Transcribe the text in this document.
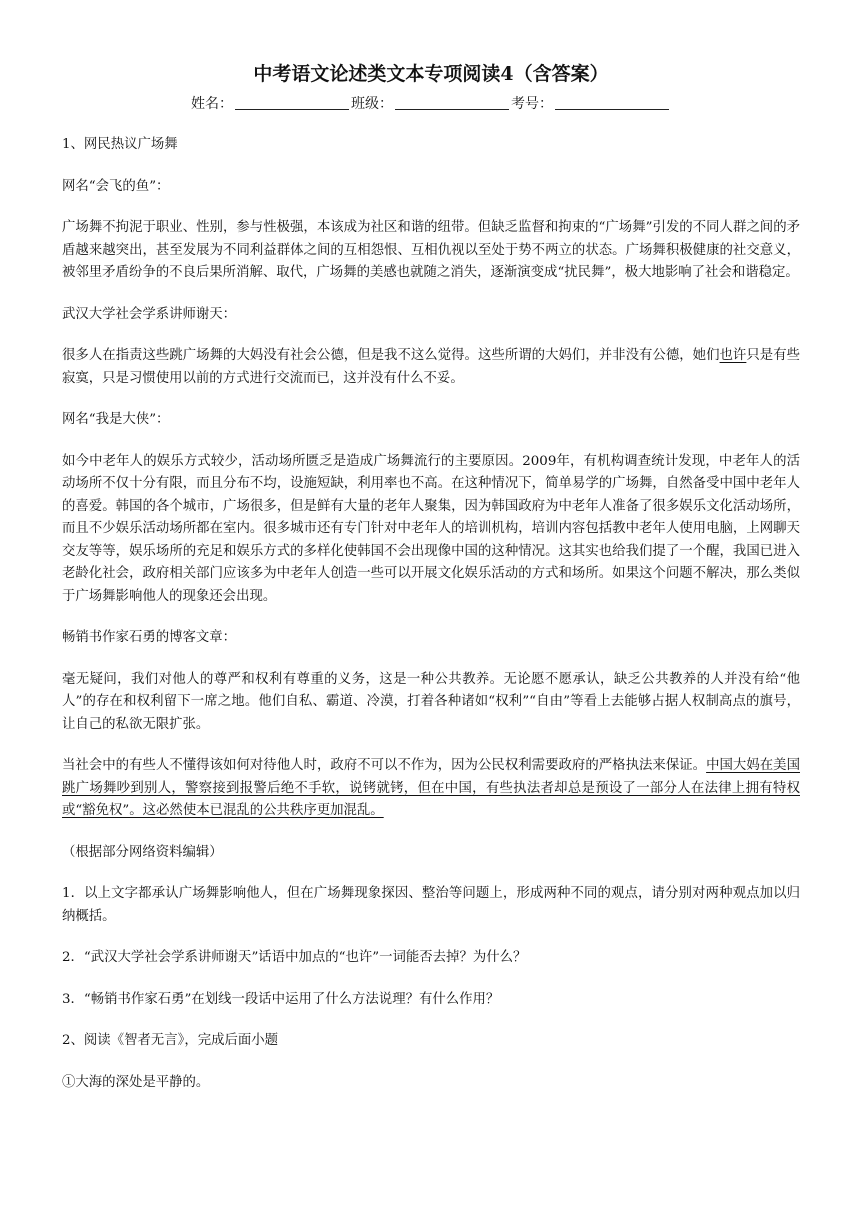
中考语文论述类文本专项阅读4（含答案）
姓名：	班级：	考号：

1、网民热议广场舞

网名“会飞的鱼”：

广场舞不拘泥于职业、性别，参与性极强，本该成为社区和谐的纽带。但缺乏监督和拘束的“广场舞”引发的不同人群之间的矛盾越来越突出，甚至发展为不同利益群体之间的互相怨恨、互相仇视以至处于势不两立的状态。广场舞积极健康的社交意义，被邻里矛盾纷争的不良后果所消解、取代，广场舞的美感也就随之消失，逐渐演变成“扰民舞”，极大地影响了社会和谐稳定。

武汉大学社会学系讲师谢天：

很多人在指责这些跳广场舞的大妈没有社会公德，但是我不这么觉得。这些所谓的大妈们，并非没有公德，她们也许只是有些寂寞，只是习惯使用以前的方式进行交流而已，这并没有什么不妥。

网名“我是大侠”：

如今中老年人的娱乐方式较少，活动场所匮乏是造成广场舞流行的主要原因。2009年，有机构调查统计发现，中老年人的活动场所不仅十分有限，而且分布不均，设施短缺，利用率也不高。在这种情况下，简单易学的广场舞，自然备受中国中老年人的喜爱。韩国的各个城市，广场很多，但是鲜有大量的老年人聚集，因为韩国政府为中老年人准备了很多娱乐文化活动场所，而且不少娱乐活动场所都在室内。很多城市还有专门针对中老年人的培训机构，培训内容包括教中老年人使用电脑，上网聊天交友等等，娱乐场所的充足和娱乐方式的多样化使韩国不会出现像中国的这种情况。这其实也给我们提了一个醒，我国已进入老龄化社会，政府相关部门应该多为中老年人创造一些可以开展文化娱乐活动的方式和场所。如果这个问题不解决，那么类似于广场舞影响他人的现象还会出现。

畅销书作家石勇的博客文章：

毫无疑问，我们对他人的尊严和权利有尊重的义务，这是一种公共教养。无论愿不愿承认，缺乏公共教养的人并没有给“他人”的存在和权利留下一席之地。他们自私、霸道、冷漠，打着各种诸如“权利”“自由”等看上去能够占据人权制高点的旗号，让自己的私欲无限扩张。

当社会中的有些人不懂得该如何对待他人时，政府不可以不作为，因为公民权利需要政府的严格执法来保证。中国大妈在美国跳广场舞吵到别人，警察接到报警后绝不手软，说铐就铐，但在中国，有些执法者却总是预设了一部分人在法律上拥有特权或“豁免权”。这必然使本已混乱的公共秩序更加混乱。

（根据部分网络资料编辑）

1．以上文字都承认广场舞影响他人，但在广场舞现象探因、整治等问题上，形成两种不同的观点，请分别对两种观点加以归纳概括。

2．“武汉大学社会学系讲师谢天”话语中加点的“也许”一词能否去掉？为什么？

3．“畅销书作家石勇”在划线一段话中运用了什么方法说理？有什么作用？

2、阅读《智者无言》，完成后面小题

①大海的深处是平静的。
